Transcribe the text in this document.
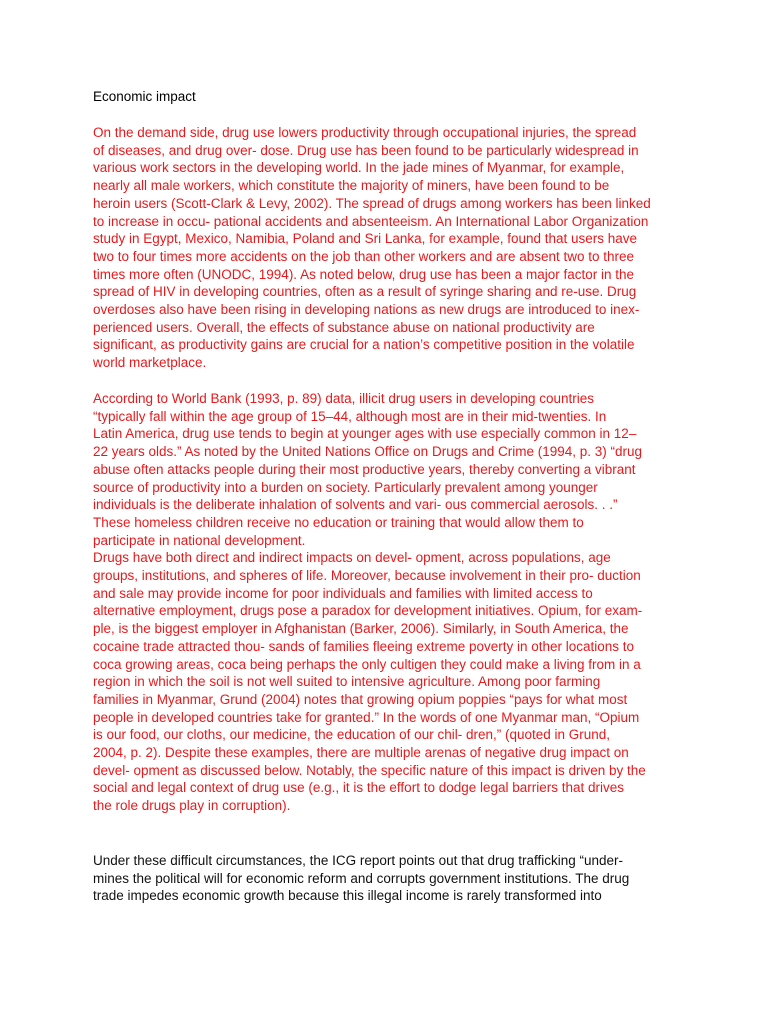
Economic impact
On the demand side, drug use lowers productivity through occupational injuries, the spread
of diseases, and drug over- dose. Drug use has been found to be particularly widespread in
various work sectors in the developing world. In the jade mines of Myanmar, for example,
nearly all male workers, which constitute the majority of miners, have been found to be
heroin users (Scott-Clark & Levy, 2002). The spread of drugs among workers has been linked
to increase in occu- pational accidents and absenteeism. An International Labor Organization
study in Egypt, Mexico, Namibia, Poland and Sri Lanka, for example, found that users have
two to four times more accidents on the job than other workers and are absent two to three
times more often (UNODC, 1994). As noted below, drug use has been a major factor in the
spread of HIV in developing countries, often as a result of syringe sharing and re-use. Drug
overdoses also have been rising in developing nations as new drugs are introduced to inex-
perienced users. Overall, the effects of substance abuse on national productivity are
significant, as productivity gains are crucial for a nation’s competitive position in the volatile
world marketplace.
According to World Bank (1993, p. 89) data, illicit drug users in developing countries
“typically fall within the age group of 15–44, although most are in their mid-twenties. In
Latin America, drug use tends to begin at younger ages with use especially common in 12–
22 years olds.” As noted by the United Nations Office on Drugs and Crime (1994, p. 3) “drug
abuse often attacks people during their most productive years, thereby converting a vibrant
source of productivity into a burden on society. Particularly prevalent among younger
individuals is the deliberate inhalation of solvents and vari- ous commercial aerosols. . .”
These homeless children receive no education or training that would allow them to
participate in national development.
Drugs have both direct and indirect impacts on devel- opment, across populations, age
groups, institutions, and spheres of life. Moreover, because involvement in their pro- duction
and sale may provide income for poor individuals and families with limited access to
alternative employment, drugs pose a paradox for development initiatives. Opium, for exam-
ple, is the biggest employer in Afghanistan (Barker, 2006). Similarly, in South America, the
cocaine trade attracted thou- sands of families fleeing extreme poverty in other locations to
coca growing areas, coca being perhaps the only cultigen they could make a living from in a
region in which the soil is not well suited to intensive agriculture. Among poor farming
families in Myanmar, Grund (2004) notes that growing opium poppies “pays for what most
people in developed countries take for granted.” In the words of one Myanmar man, “Opium
is our food, our cloths, our medicine, the education of our chil- dren,” (quoted in Grund,
2004, p. 2). Despite these examples, there are multiple arenas of negative drug impact on
devel- opment as discussed below. Notably, the specific nature of this impact is driven by the
social and legal context of drug use (e.g., it is the effort to dodge legal barriers that drives
the role drugs play in corruption).
Under these difficult circumstances, the ICG report points out that drug trafficking “under-
mines the political will for economic reform and corrupts government institutions. The drug
trade impedes economic growth because this illegal income is rarely transformed into
